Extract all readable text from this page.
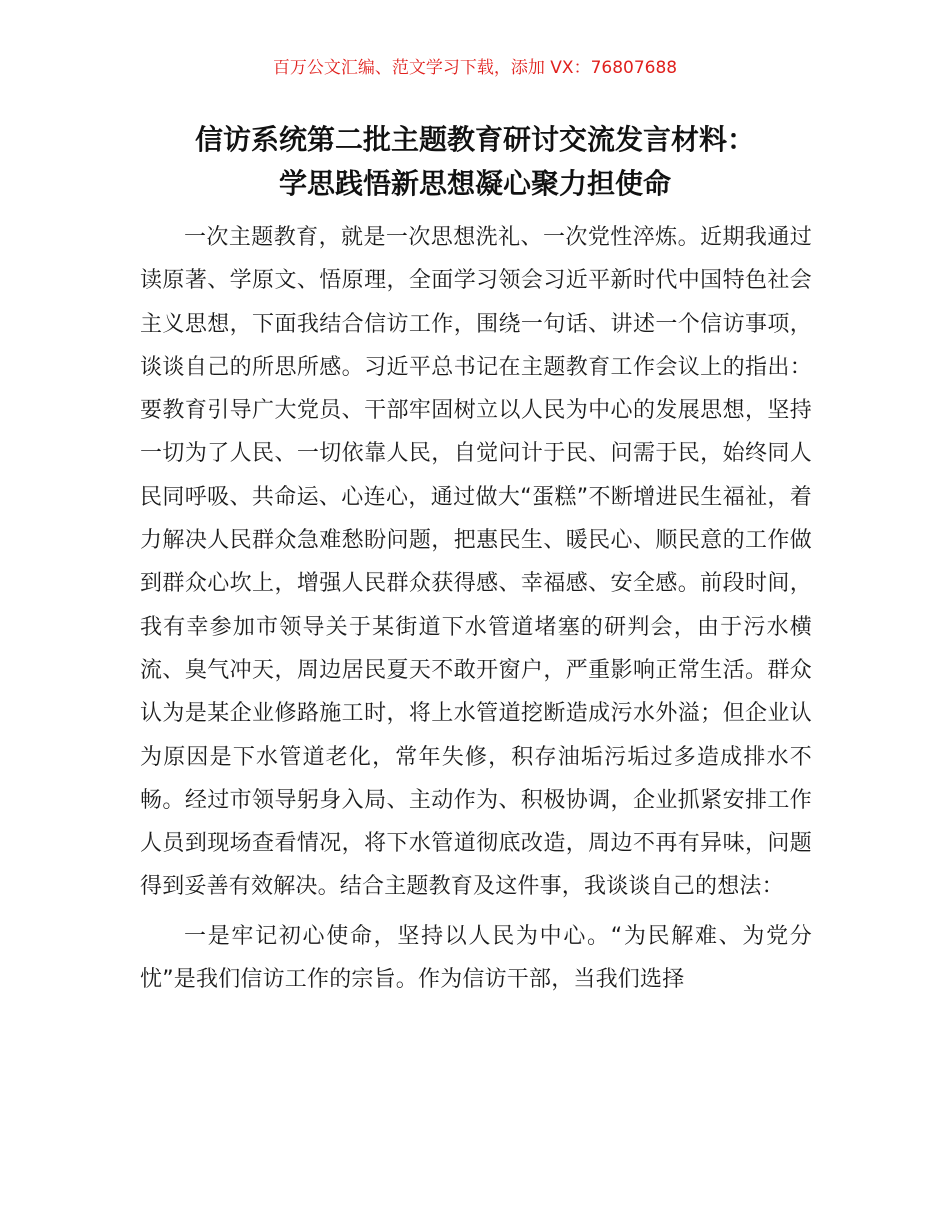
百万公文汇编、范文学习下载，添加 VX：76807688
信访系统第二批主题教育研讨交流发言材料：
学思践悟新思想凝心聚力担使命

一次主题教育，就是一次思想洗礼、一次党性淬炼。近期我通过读原著、学原文、悟原理，全面学习领会习近平新时代中国特色社会主义思想，下面我结合信访工作，围绕一句话、讲述一个信访事项，谈谈自己的所思所感。习近平总书记在主题教育工作会议上的指出：要教育引导广大党员、干部牢固树立以人民为中心的发展思想，坚持一切为了人民、一切依靠人民，自觉问计于民、问需于民，始终同人民同呼吸、共命运、心连心，通过做大“蛋糕”不断增进民生福祉，着力解决人民群众急难愁盼问题，把惠民生、暖民心、顺民意的工作做到群众心坎上，增强人民群众获得感、幸福感、安全感。前段时间，我有幸参加市领导关于某街道下水管道堵塞的研判会，由于污水横流、臭气冲天，周边居民夏天不敢开窗户，严重影响正常生活。群众认为是某企业修路施工时，将上水管道挖断造成污水外溢；但企业认为原因是下水管道老化，常年失修，积存油垢污垢过多造成排水不畅。经过市领导躬身入局、主动作为、积极协调，企业抓紧安排工作人员到现场查看情况，将下水管道彻底改造，周边不再有异味，问题得到妥善有效解决。结合主题教育及这件事，我谈谈自己的想法：

一是牢记初心使命，坚持以人民为中心。“为民解难、为党分忧”是我们信访工作的宗旨。作为信访干部，当我们选择
